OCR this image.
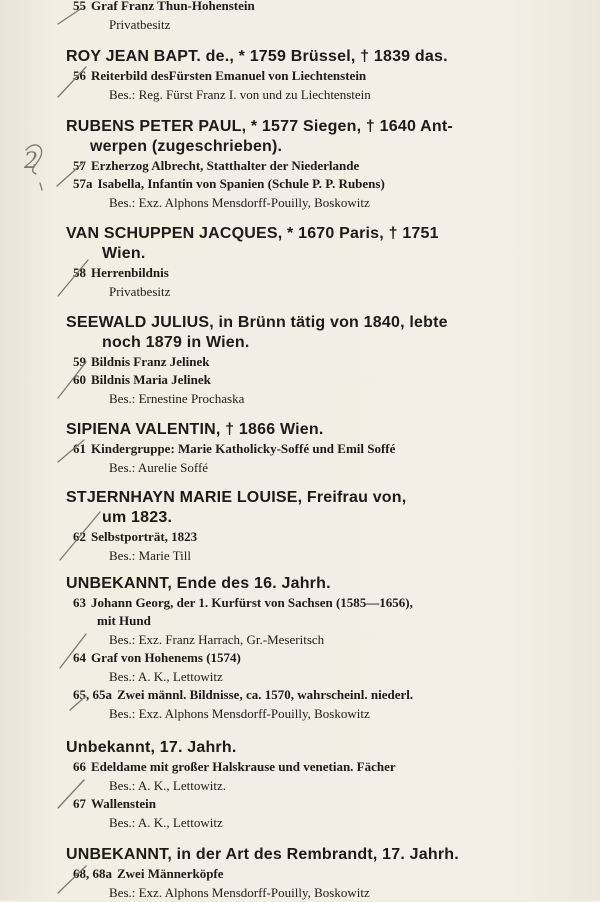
55 Graf Franz Thun-Hohenstein
Privatbesitz
ROY JEAN BAPT. de., * 1759 Brüssel, † 1839 das.
56 Reiterbild desFürsten Emanuel von Liechtenstein
Bes.: Reg. Fürst Franz I. von und zu Liechtenstein
RUBENS PETER PAUL, * 1577 Siegen, † 1640 Ant-
werpen (zugeschrieben).
57 Erzherzog Albrecht, Statthalter der Niederlande
57a Isabella, Infantin von Spanien (Schule P. P. Rubens)
Bes.: Exz. Alphons Mensdorff-Pouilly, Boskowitz
VAN SCHUPPEN JACQUES, * 1670 Paris, † 1751
Wien.
58 Herrenbildnis
Privatbesitz
SEEWALD JULIUS, in Brünn tätig von 1840, lebte
noch 1879 in Wien.
59 Bildnis Franz Jelinek
60 Bildnis Maria Jelinek
Bes.: Ernestine Prochaska
SIPIENA VALENTIN, † 1866 Wien.
61 Kindergruppe: Marie Katholicky-Soffé und Emil Soffé
Bes.: Aurelie Soffé
STJERNHAYN MARIE LOUISE, Freifrau von,
um 1823.
62 Selbstporträt, 1823
Bes.: Marie Till
UNBEKANNT, Ende des 16. Jahrh.
63 Johann Georg, der 1. Kurfürst von Sachsen (1585—1656),
mit Hund
Bes.: Exz. Franz Harrach, Gr.-Meseritsch
64 Graf von Hohenems (1574)
Bes.: A. K., Lettowitz
65, 65a Zwei männl. Bildnisse, ca. 1570, wahrscheinl. niederl.
Bes.: Exz. Alphons Mensdorff-Pouilly, Boskowitz
Unbekannt, 17. Jahrh.
66 Edeldame mit großer Halskrause und venetian. Fächer
Bes.: A. K., Lettowitz.
67 Wallenstein
Bes.: A. K., Lettowitz
UNBEKANNT, in der Art des Rembrandt, 17. Jahrh.
68, 68a Zwei Männerköpfe
Bes.: Exz. Alphons Mensdorff-Pouilly, Boskowitz
2
